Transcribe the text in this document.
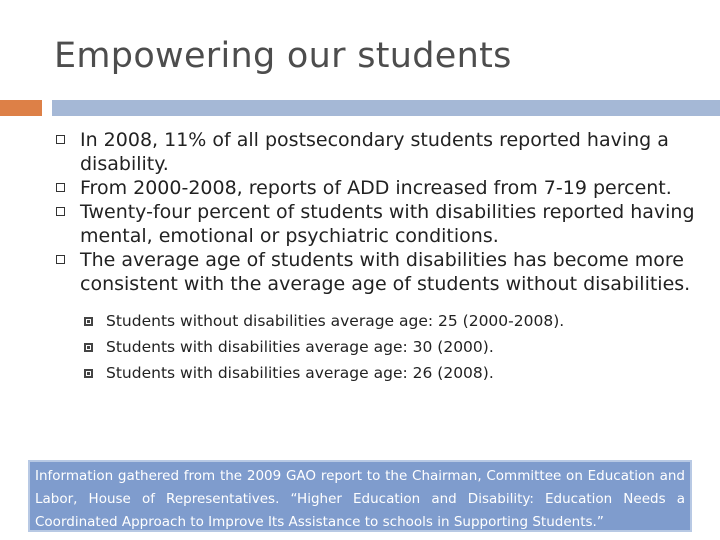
Empowering our students
In 2008, 11% of all postsecondary students reported having a disability.
From 2000-2008, reports of ADD increased from 7-19 percent.
Twenty-four percent of students with disabilities reported having mental, emotional or psychiatric conditions.
The average age of students with disabilities has become more consistent with the average age of students without disabilities.
Students without disabilities average age: 25 (2000-2008).
Students with disabilities average age: 30 (2000).
Students with disabilities average age: 26 (2008).
Information gathered from the 2009 GAO report to the Chairman, Committee on Education and Labor, House of Representatives. “Higher Education and Disability: Education Needs a Coordinated Approach to Improve Its Assistance to schools in Supporting Students.”
